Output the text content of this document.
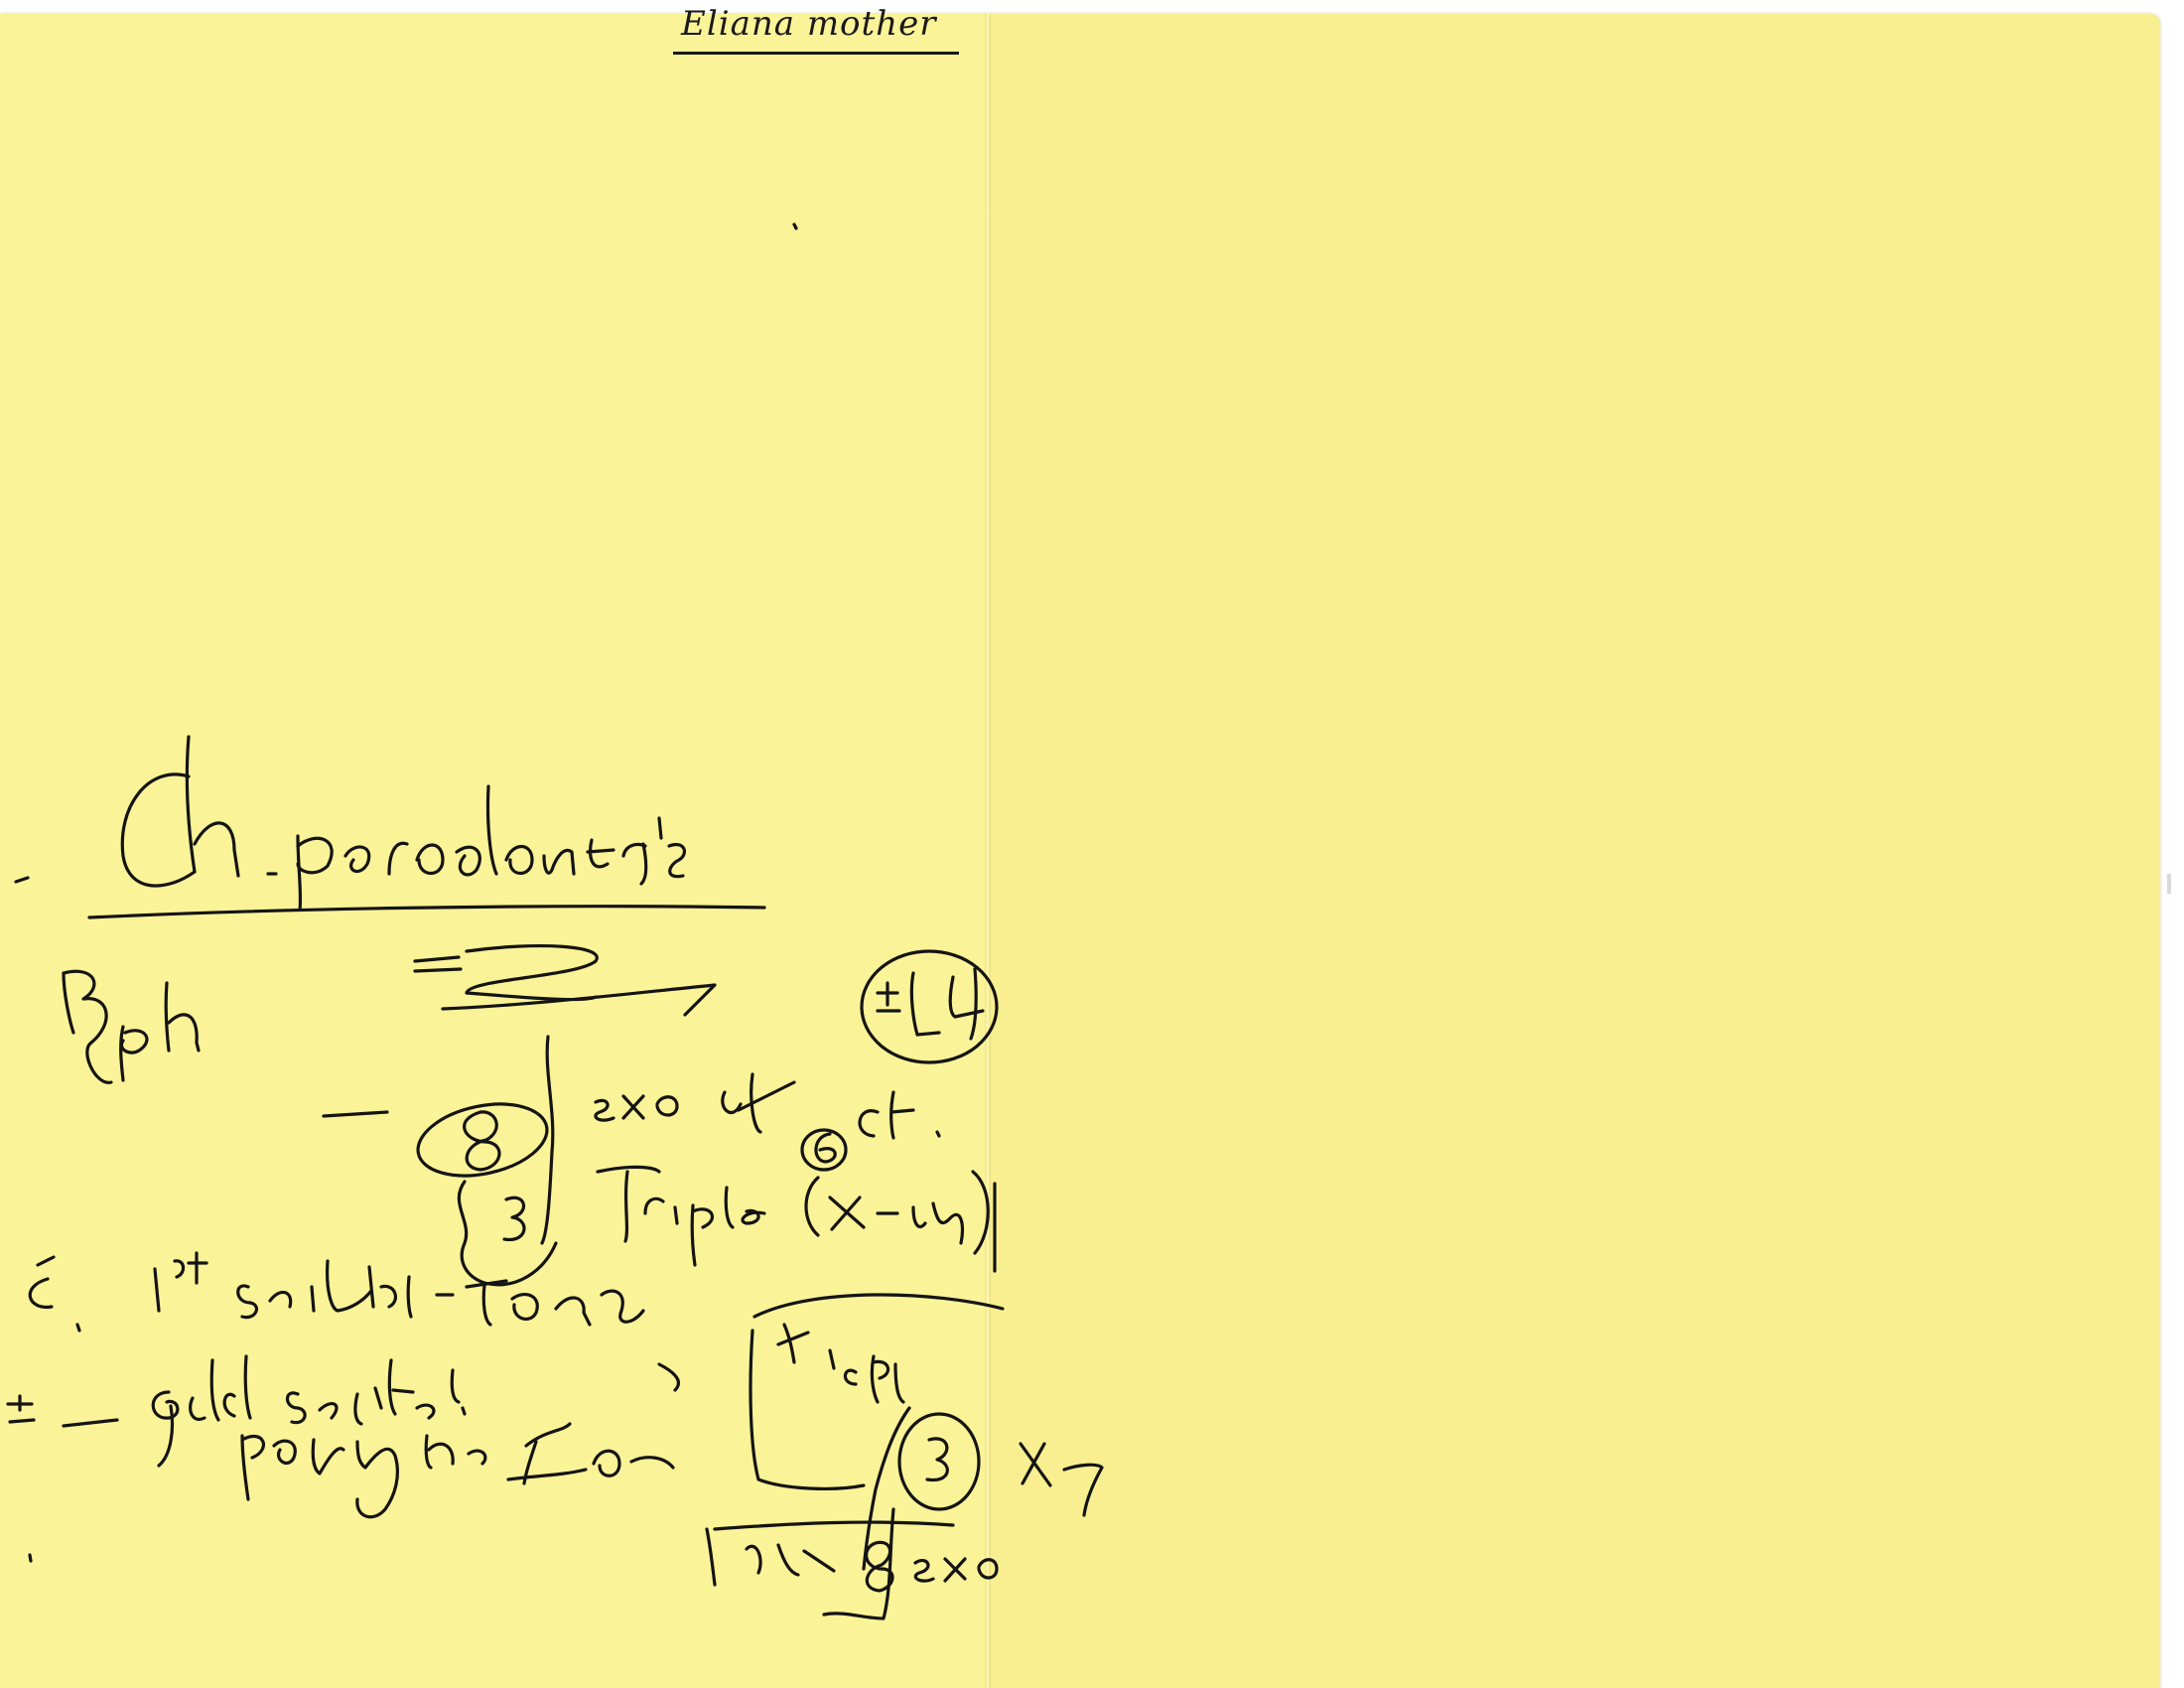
Eliana mother
